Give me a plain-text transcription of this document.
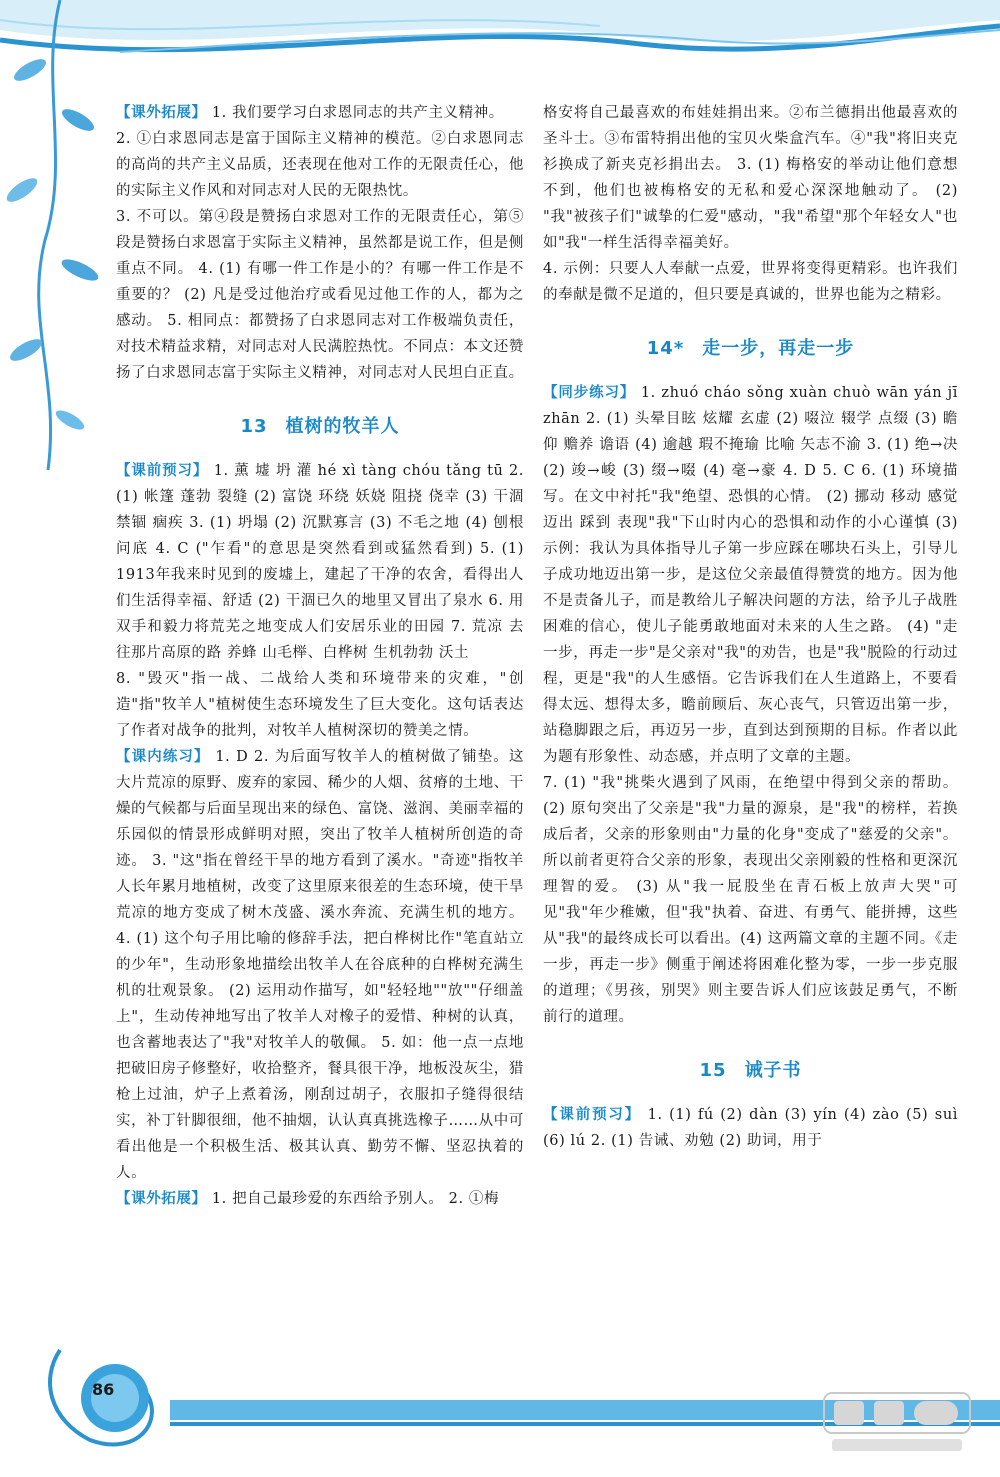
86

【课外拓展】 1. 我们要学习白求恩同志的共产主义精神。
2. ①白求恩同志是富于国际主义精神的模范。②白求恩同志的高尚的共产主义品质，还表现在他对工作的无限责任心，他的实际主义作风和对同志对人民的无限热忱。
3. 不可以。第④段是赞扬白求恩对工作的无限责任心，第⑤段是赞扬白求恩富于实际主义精神，虽然都是说工作，但是侧重点不同。 4. (1) 有哪一件工作是小的？有哪一件工作是不重要的？ (2) 凡是受过他治疗或看见过他工作的人，都为之感动。 5. 相同点：都赞扬了白求恩同志对工作极端负责任，对技术精益求精，对同志对人民满腔热忱。不同点：本文还赞扬了白求恩同志富于实际主义精神，对同志对人民坦白正直。

13 植树的牧羊人

【课前预习】 1. 薰 墟 坍 灌 hé xì tàng chóu tǎng tū 2. (1) 帐篷 蓬勃 裂缝 (2) 富饶 环绕 妖娆 阻挠 侥幸 (3) 干涸 禁锢 痼疾 3. (1) 坍塌 (2) 沉默寡言 (3) 不毛之地 (4) 刨根问底 4. C ("乍看"的意思是突然看到或猛然看到) 5. (1) 1913年我来时见到的废墟上，建起了干净的农舍，看得出人们生活得幸福、舒适 (2) 干涸已久的地里又冒出了泉水 6. 用双手和毅力将荒芜之地变成人们安居乐业的田园 7. 荒凉 去往那片高原的路 养蜂 山毛榉、白桦树 生机勃勃 沃土
8. "毁灭"指一战、二战给人类和环境带来的灾难，"创造"指"牧羊人"植树使生态环境发生了巨大变化。这句话表达了作者对战争的批判，对牧羊人植树深切的赞美之情。

【课内练习】 1. D 2. 为后面写牧羊人的植树做了铺垫。这大片荒凉的原野、废弃的家园、稀少的人烟、贫瘠的土地、干燥的气候都与后面呈现出来的绿色、富饶、滋润、美丽幸福的乐园似的情景形成鲜明对照，突出了牧羊人植树所创造的奇迹。 3. "这"指在曾经干旱的地方看到了溪水。"奇迹"指牧羊人长年累月地植树，改变了这里原来很差的生态环境，使干旱荒凉的地方变成了树木茂盛、溪水奔流、充满生机的地方。 4. (1) 这个句子用比喻的修辞手法，把白桦树比作"笔直站立的少年"，生动形象地描绘出牧羊人在谷底种的白桦树充满生机的壮观景象。 (2) 运用动作描写，如"轻轻地""放""仔细盖上"，生动传神地写出了牧羊人对橡子的爱惜、种树的认真，也含蓄地表达了"我"对牧羊人的敬佩。 5. 如：他一点一点地把破旧房子修整好，收拾整齐，餐具很干净，地板没灰尘，猎枪上过油，炉子上煮着汤，刚刮过胡子，衣服扣子缝得很结实，补丁针脚很细，他不抽烟，认认真真挑选橡子……从中可看出他是一个积极生活、极其认真、勤劳不懈、坚忍执着的人。

【课外拓展】 1. 把自己最珍爱的东西给予别人。 2. ①梅

格安将自己最喜欢的布娃娃捐出来。②布兰德捐出他最喜欢的圣斗士。③布雷特捐出他的宝贝火柴盒汽车。④"我"将旧夹克衫换成了新夹克衫捐出去。 3. (1) 梅格安的举动让他们意想不到，他们也被梅格安的无私和爱心深深地触动了。 (2) "我"被孩子们"诚挚的仁爱"感动，"我"希望"那个年轻女人"也如"我"一样生活得幸福美好。
4. 示例：只要人人奉献一点爱，世界将变得更精彩。也许我们的奉献是微不足道的，但只要是真诚的，世界也能为之精彩。

14* 走一步，再走一步

【同步练习】 1. zhuó cháo sǒng xuàn chuò wān yán jī zhān 2. (1) 头晕目眩 炫耀 玄虚 (2) 啜泣 辍学 点缀 (3) 瞻仰 赡养 谵语 (4) 逾越 瑕不掩瑜 比喻 矢志不渝 3. (1) 绝→决 (2) 竣→峻 (3) 缀→啜 (4) 毫→豪 4. D 5. C 6. (1) 环境描写。在文中衬托"我"绝望、恐惧的心情。 (2) 挪动 移动 感觉 迈出 踩到 表现"我"下山时内心的恐惧和动作的小心谨慎 (3) 示例：我认为具体指导儿子第一步应踩在哪块石头上，引导儿子成功地迈出第一步，是这位父亲最值得赞赏的地方。因为他不是责备儿子，而是教给儿子解决问题的方法，给予儿子战胜困难的信心，使儿子能勇敢地面对未来的人生之路。 (4) "走一步，再走一步"是父亲对"我"的劝告，也是"我"脱险的行动过程，更是"我"的人生感悟。它告诉我们在人生道路上，不要看得太远、想得太多，瞻前顾后、灰心丧气，只管迈出第一步，站稳脚跟之后，再迈另一步，直到达到预期的目标。作者以此为题有形象性、动态感，并点明了文章的主题。
7. (1) "我"挑柴火遇到了风雨，在绝望中得到父亲的帮助。(2) 原句突出了父亲是"我"力量的源泉，是"我"的榜样，若换成后者，父亲的形象则由"力量的化身"变成了"慈爱的父亲"。所以前者更符合父亲的形象，表现出父亲刚毅的性格和更深沉理智的爱。 (3) 从"我一屁股坐在青石板上放声大哭"可见"我"年少稚嫩，但"我"执着、奋进、有勇气、能拼搏，这些从"我"的最终成长可以看出。(4) 这两篇文章的主题不同。《走一步，再走一步》侧重于阐述将困难化整为零，一步一步克服的道理；《男孩，别哭》则主要告诉人们应该鼓足勇气，不断前行的道理。

15 诫子书

【课前预习】 1. (1) fú (2) dàn (3) yín (4) zào (5) suì (6) lú 2. (1) 告诫、劝勉 (2) 助词，用于
